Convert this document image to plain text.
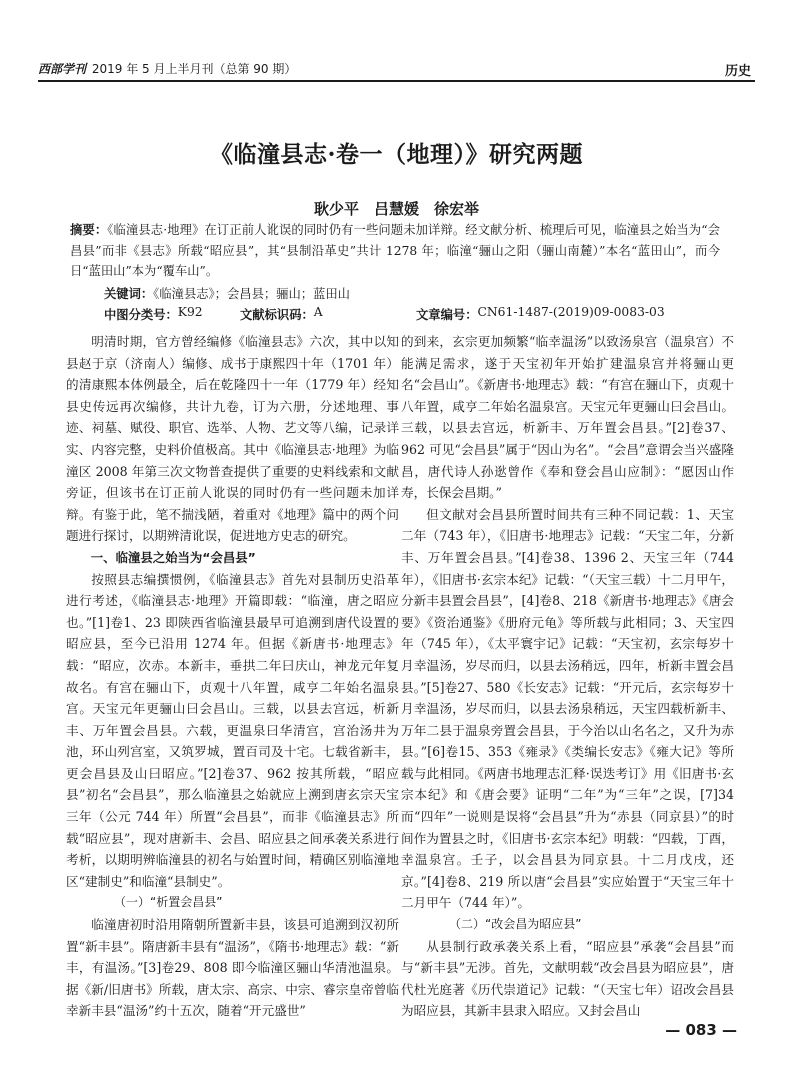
西部学刊 2019 年 5 月上半月刊（总第 90 期）	历史
《临潼县志·卷一（地理）》研究两题
耿少平　吕慧媛　徐宏举
摘要：《临潼县志·地理》在订正前人讹误的同时仍有一些问题未加详辩。经文献分析、梳理后可见，临潼县之始当为“会昌县”而非《县志》所载“昭应县”，其“县制沿革史”共计 1278 年；临潼“骊山之阳（骊山南麓）”本名“蓝田山”，而今日“蓝田山”本为“覆车山”。
关键词：《临潼县志》；会昌县；骊山；蓝田山
中图分类号： K92	文献标识码： A	文章编号： CN61-1487-(2019)09-0083-03

明清时期，官方曾经编修《临潼县志》六次，其中以知县赵于京（济南人）编修、成书于康熙四十年（1701 年）的清康熙本体例最全，后在乾隆四十一年（1779 年）经知县史传远再次编修，共计九卷，订为六册，分述地理、事迹、祠墓、赋役、职官、选举、人物、艺文等八编，记录详实、内容完整，史料价值极高。其中《临潼县志·地理》为临潼区 2008 年第三次文物普查提供了重要的史料线索和文献旁证，但该书在订正前人讹误的同时仍有一些问题未加详辩。有鉴于此，笔不揣浅陋，着重对《地理》篇中的两个问题进行探讨，以期辨清讹误，促进地方史志的研究。

一、临潼县之始当为“会昌县”

按照县志编撰惯例，《临潼县志》首先对县制历史沿革进行考述，《临潼县志·地理》开篇即载：“临潼，唐之昭应也。”[1]卷1、23 即陕西省临潼县最早可追溯到唐代设置的昭应县，至今已沿用 1274 年。但据《新唐书·地理志》载：“昭应，次赤。本新丰，垂拱二年曰庆山，神龙元年复故名。有宫在骊山下，贞观十八年置，咸亨二年始名温泉宫。天宝元年更骊山曰会昌山。三载，以县去宫远，析新丰、万年置会昌县。六载，更温泉曰华清宫，宫治汤井为池，环山列宫室，又筑罗城，置百司及十宅。七载省新丰，更会昌县及山曰昭应。”[2]卷37、962 按其所载，“昭应县”初名“会昌县”，那么临潼县之始就应上溯到唐玄宗天宝三年（公元 744 年）所置“会昌县”，而非《临潼县志》所载“昭应县”，现对唐新丰、会昌、昭应县之间承袭关系进行考析，以期明辨临潼县的初名与始置时间，精确区别临潼地区“建制史”和临潼“县制史”。

（一）“析置会昌县”

临潼唐初时沿用隋朝所置新丰县，该县可追溯到汉初所置“新丰县”。隋唐新丰县有“温汤”，《隋书·地理志》载：“新丰，有温汤。”[3]卷29、808 即今临潼区骊山华清池温泉。据《新/旧唐书》所载，唐太宗、高宗、中宗、睿宗皇帝曾临幸新丰县“温汤”约十五次，随着“开元盛世”

的到来，玄宗更加频繁“临幸温汤”以致汤泉宫（温泉宫）不能满足需求，遂于天宝初年开始扩建温泉宫并将骊山更名“会昌山”。《新唐书·地理志》载：“有宫在骊山下，贞观十八年置，咸亨二年始名温泉宫。天宝元年更骊山曰会昌山。三载，以县去宫远，析新丰、万年置会昌县。”[2]卷37、962 可见“会昌县”属于“因山为名”。“会昌”意谓会当兴盛隆昌，唐代诗人孙逖曾作《奉和登会昌山应制》：“愿因山作寿，长保会昌期。”

但文献对会昌县所置时间共有三种不同记载：1、天宝二年（743 年），《旧唐书·地理志》记载：“天宝二年，分新丰、万年置会昌县。”[4]卷38、1396 2、天宝三年（744 年），《旧唐书·玄宗本纪》记载：“（天宝三载）十二月甲午，分新丰县置会昌县”，[4]卷8、218《新唐书·地理志》《唐会要》《资治通鉴》《册府元龟》等所载与此相同；3、天宝四年（745 年），《太平寰宇记》记载：“天宝初，玄宗每岁十月幸温汤，岁尽而归，以县去汤稍远，四年，析新丰置会昌县。”[5]卷27、580《长安志》记载：“开元后，玄宗每岁十月幸温汤，岁尽而归，以县去汤泉稍远，天宝四载析新丰、万年二县于温泉旁置会昌县，于今治以山名名之，又升为赤县。”[6]卷15、353《雍录》《类编长安志》《雍大记》等所载与此相同。《两唐书地理志汇释·误迭考订》用《旧唐书·玄宗本纪》和《唐会要》证明“二年”为“三年”之误，[7]34 而“四年”一说则是误将“会昌县”升为“赤县（同京县）”的时间作为置县之时，《旧唐书·玄宗本纪》明载：“四载，丁酉，幸温泉宫。壬子，以会昌县为同京县。十二月戊戌，还京。”[4]卷8、219 所以唐“会昌县”实应始置于“天宝三年十二月甲午（744 年）”。

（二）“改会昌为昭应县”

从县制行政承袭关系上看，“昭应县”承袭“会昌县”而与“新丰县”无涉。首先，文献明载“改会昌县为昭应县”，唐代杜光庭著《历代崇道记》记载：“（天宝七年）诏改会昌县为昭应县，其新丰县隶入昭应。又封会昌山

— 083 —
